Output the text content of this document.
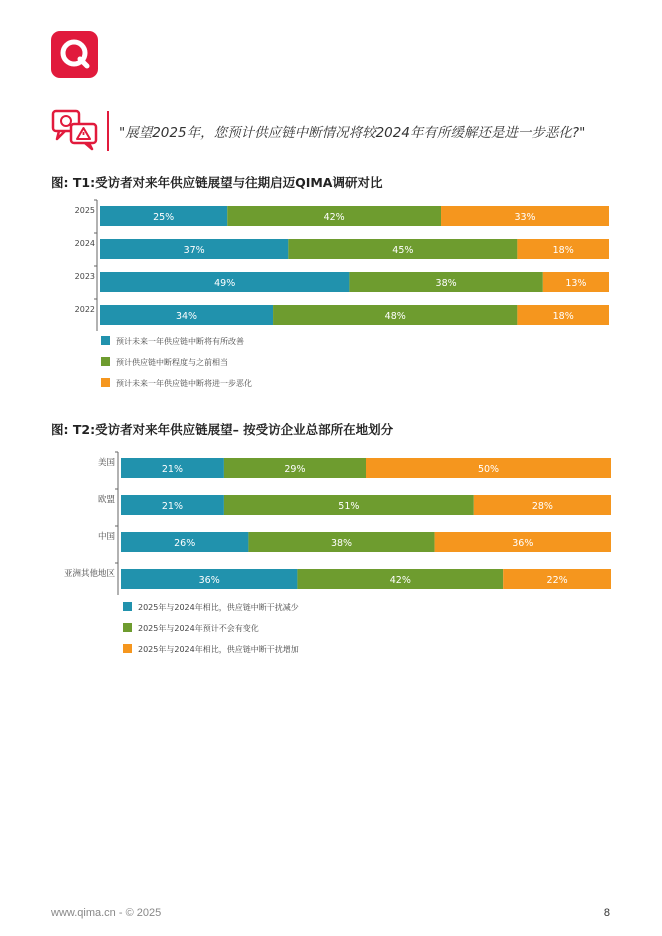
"展望2025年，您预计供应链中断情况将较2024年有所缓解还是进一步恶化?"
图: T1:受访者对来年供应链展望与往期启迈QIMA调研对比
2025
25%	42%	33%
2024
37%	45%	18%
2023
49%	38%	13%
2022
34%	48%	18%
预计未来一年供应链中断将有所改善
预计供应链中断程度与之前相当
预计未来一年供应链中断将进一步恶化
图: T2:受访者对来年供应链展望– 按受访企业总部所在地划分
美国
21%	29%	50%
欧盟
21%	51%	28%
中国
26%	38%	36%
亚洲其他地区
36%	42%	22%
2025年与2024年相比，供应链中断干扰减少
2025年与2024年预计不会有变化
2025年与2024年相比，供应链中断干扰增加
www.qima.cn - © 2025	8
